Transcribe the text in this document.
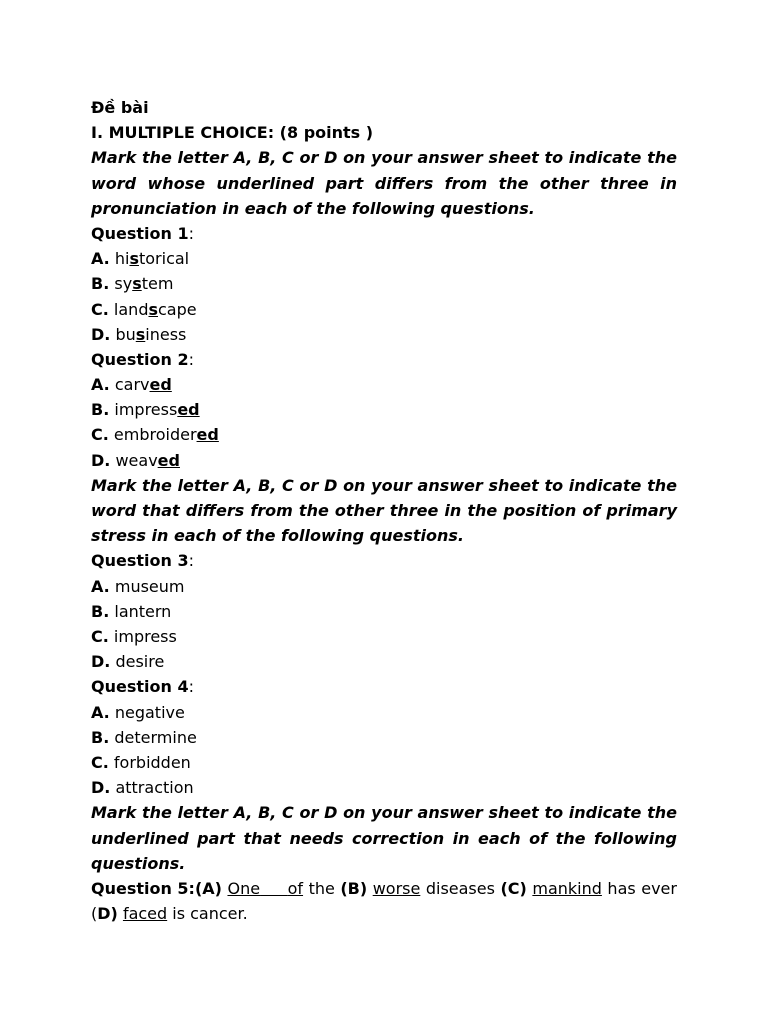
Đề bài
I. MULTIPLE CHOICE: (8 points )
Mark the letter A, B, C or D on your answer sheet to indicate the
word whose underlined part differs from the other three in
pronunciation in each of the following questions.
Question 1:
A. historical
B. system
C. landscape
D. business
Question 2:
A. carved
B. impressed
C. embroidered
D. weaved
Mark the letter A, B, C or D on your answer sheet to indicate the
word that differs from the other three in the position of primary
stress in each of the following questions.
Question 3:
A. museum
B. lantern
C. impress
D. desire
Question 4:
A. negative
B. determine
C. forbidden
D. attraction
Mark the letter A, B, C or D on your answer sheet to indicate the
underlined part that needs correction in each of the following
questions.
Question 5:(A) One of the (B) worse diseases (C) mankind has ever
(D) faced is cancer.
